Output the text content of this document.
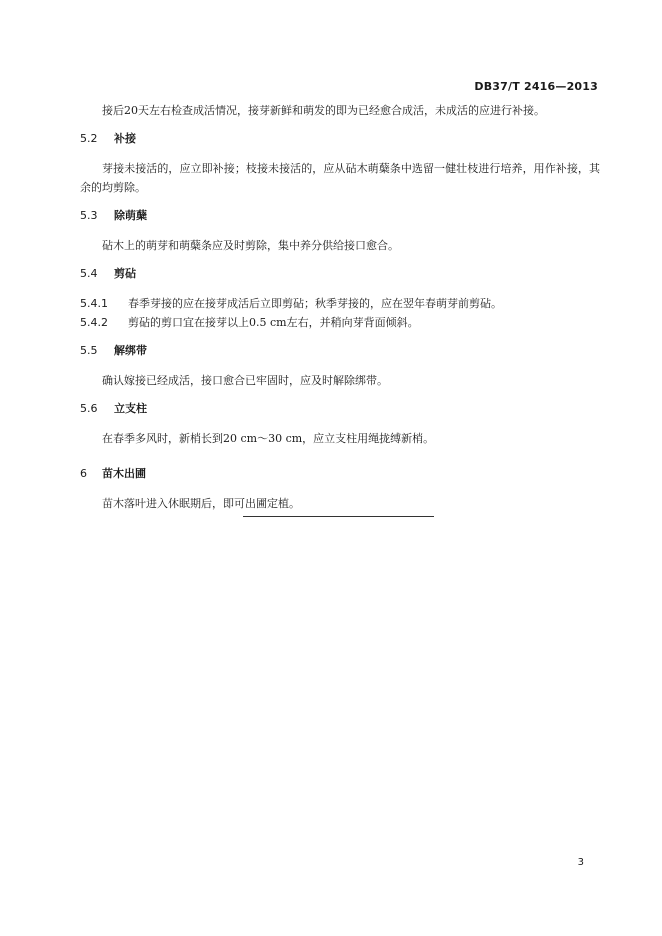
DB37/T 2416—2013

接后20天左右检查成活情况，接芽新鲜和萌发的即为已经愈合成活，未成活的应进行补接。

5.2	补接

芽接未接活的，应立即补接；枝接未接活的，应从砧木萌蘖条中选留一健壮枝进行培养，用作补接，其余的均剪除。

5.3	除萌蘖

砧木上的萌芽和萌蘖条应及时剪除，集中养分供给接口愈合。

5.4	剪砧
5.4.1	春季芽接的应在接芽成活后立即剪砧；秋季芽接的，应在翌年春萌芽前剪砧。
5.4.2	剪砧的剪口宜在接芽以上0.5 cm左右，并稍向芽背面倾斜。
5.5	解绑带

确认嫁接已经成活，接口愈合已牢固时，应及时解除绑带。

5.6	立支柱

在春季多风时，新梢长到20 cm～30 cm，应立支柱用绳拢缚新梢。

6	苗木出圃

苗木落叶进入休眠期后，即可出圃定植。

3
